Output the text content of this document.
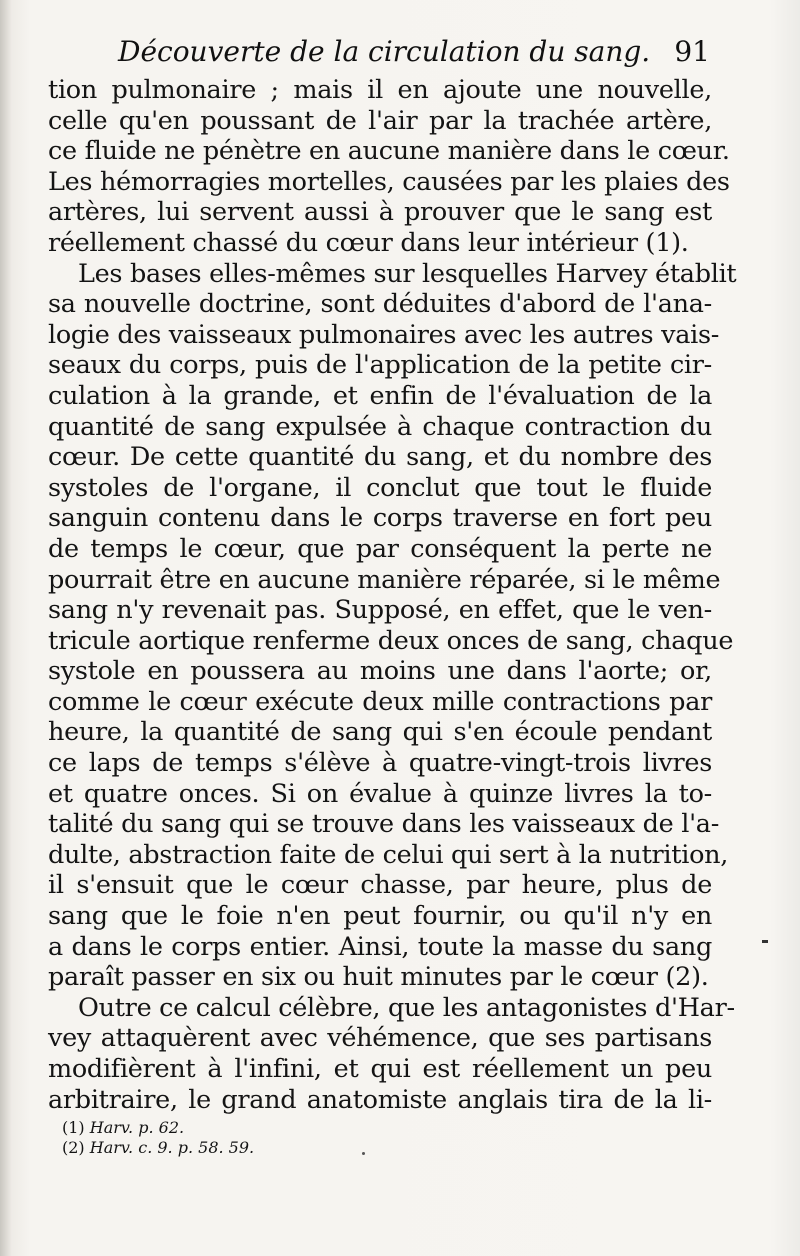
Découverte de la circulation du sang. 91
tion pulmonaire ; mais il en ajoute une nouvelle,
celle qu'en poussant de l'air par la trachée artère,
ce fluide ne pénètre en aucune manière dans le cœur.
Les hémorragies mortelles, causées par les plaies des
artères, lui servent aussi à prouver que le sang est
réellement chassé du cœur dans leur intérieur (1).
Les bases elles-mêmes sur lesquelles Harvey établit
sa nouvelle doctrine, sont déduites d'abord de l'ana-
logie des vaisseaux pulmonaires avec les autres vais-
seaux du corps, puis de l'application de la petite cir-
culation à la grande, et enfin de l'évaluation de la
quantité de sang expulsée à chaque contraction du
cœur. De cette quantité du sang, et du nombre des
systoles de l'organe, il conclut que tout le fluide
sanguin contenu dans le corps traverse en fort peu
de temps le cœur, que par conséquent la perte ne
pourrait être en aucune manière réparée, si le même
sang n'y revenait pas. Supposé, en effet, que le ven-
tricule aortique renferme deux onces de sang, chaque
systole en poussera au moins une dans l'aorte; or,
comme le cœur exécute deux mille contractions par
heure, la quantité de sang qui s'en écoule pendant
ce laps de temps s'élève à quatre-vingt-trois livres
et quatre onces. Si on évalue à quinze livres la to-
talité du sang qui se trouve dans les vaisseaux de l'a-
dulte, abstraction faite de celui qui sert à la nutrition,
il s'ensuit que le cœur chasse, par heure, plus de
sang que le foie n'en peut fournir, ou qu'il n'y en
a dans le corps entier. Ainsi, toute la masse du sang
paraît passer en six ou huit minutes par le cœur (2).
Outre ce calcul célèbre, que les antagonistes d'Har-
vey attaquèrent avec véhémence, que ses partisans
modifièrent à l'infini, et qui est réellement un peu
arbitraire, le grand anatomiste anglais tira de la li-
(1) Harv. p. 62.
(2) Harv. c. 9. p. 58. 59.
